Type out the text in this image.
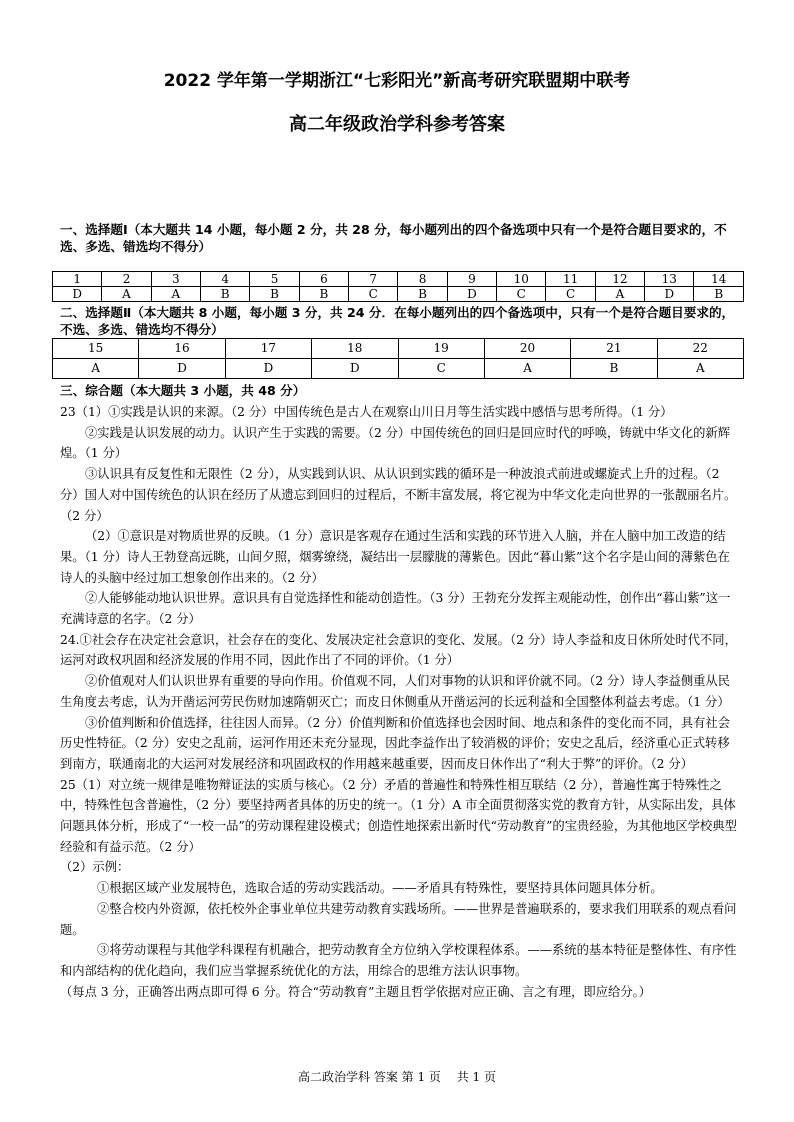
2022 学年第一学期浙江“七彩阳光”新高考研究联盟期中联考
高二年级政治学科参考答案
一、选择题Ⅰ（本大题共 14 小题，每小题 2 分，共 28 分，每小题列出的四个备选项中只有一个是符合题目要求的，不选、多选、错选均不得分）
1	2	3	4	5	6	7	8	9	10	11	12	13	14
D	A	A	B	B	B	C	B	D	C	C	A	D	B
二、选择题Ⅱ（本大题共 8 小题，每小题 3 分，共 24 分．在每小题列出的四个备选项中，只有一个是符合题目要求的，不选、多选、错选均不得分）
15	16	17	18	19	20	21	22
A	D	D	D	C	A	B	A
三、综合题（本大题共 3 小题，共 48 分）

23（1）①实践是认识的来源。（2 分）中国传统色是古人在观察山川日月等生活实践中感悟与思考所得。（1 分）

②实践是认识发展的动力。认识产生于实践的需要。（2 分）中国传统色的回归是回应时代的呼唤，铸就中华文化的新辉煌。（1 分）

③认识具有反复性和无限性（2 分），从实践到认识、从认识到实践的循环是一种波浪式前进或螺旋式上升的过程。（2 分）国人对中国传统色的认识在经历了从遗忘到回归的过程后，不断丰富发展，将它视为中华文化走向世界的一张靓丽名片。（2 分）

（2）①意识是对物质世界的反映。（1 分）意识是客观存在通过生活和实践的环节进入人脑，并在人脑中加工改造的结果。（1 分）诗人王勃登高远眺，山间夕照，烟雾缭绕，凝结出一层朦胧的薄紫色。因此“暮山紫”这个名字是山间的薄紫色在诗人的头脑中经过加工想象创作出来的。（2 分）

②人能够能动地认识世界。意识具有自觉选择性和能动创造性。（3 分）王勃充分发挥主观能动性，创作出“暮山紫”这一充满诗意的名字。（2 分）

24.①社会存在决定社会意识，社会存在的变化、发展决定社会意识的变化、发展。（2 分）诗人李益和皮日休所处时代不同，运河对政权巩固和经济发展的作用不同，因此作出了不同的评价。（1 分）

②价值观对人们认识世界有重要的导向作用。价值观不同，人们对事物的认识和评价就不同。（2 分）诗人李益侧重从民生角度去考虑，认为开凿运河劳民伤财加速隋朝灭亡；而皮日休侧重从开凿运河的长远利益和全国整体利益去考虑。（1 分）

③价值判断和价值选择，往往因人而异。（2 分）价值判断和价值选择也会因时间、地点和条件的变化而不同，具有社会历史性特征。（2 分）安史之乱前，运河作用还未充分显现，因此李益作出了较消极的评价；安史之乱后，经济重心正式转移到南方，联通南北的大运河对发展经济和巩固政权的作用越来越重要，因而皮日休作出了“利大于弊”的评价。（2 分）

25（1）对立统一规律是唯物辩证法的实质与核心。（2 分）矛盾的普遍性和特殊性相互联结（2 分），普遍性寓于特殊性之中，特殊性包含普遍性，（2 分）要坚持两者具体的历史的统一。（1 分）A 市全面贯彻落实党的教育方针，从实际出发，具体问题具体分析，形成了“一校一品”的劳动课程建设模式；创造性地探索出新时代“劳动教育”的宝贵经验，为其他地区学校典型经验和有益示范。（2 分）

（2）示例：

①根据区域产业发展特色，选取合适的劳动实践活动。——矛盾具有特殊性，要坚持具体问题具体分析。

②整合校内外资源，依托校外企事业单位共建劳动教育实践场所。——世界是普遍联系的，要求我们用联系的观点看问题。

③将劳动课程与其他学科课程有机融合，把劳动教育全方位纳入学校课程体系。——系统的基本特征是整体性、有序性和内部结构的优化趋向，我们应当掌握系统优化的方法，用综合的思维方法认识事物。

（每点 3 分，正确答出两点即可得 6 分。符合“劳动教育”主题且哲学依据对应正确、言之有理，即应给分。）

高二政治学科 答案 第 1 页　 共 1 页
